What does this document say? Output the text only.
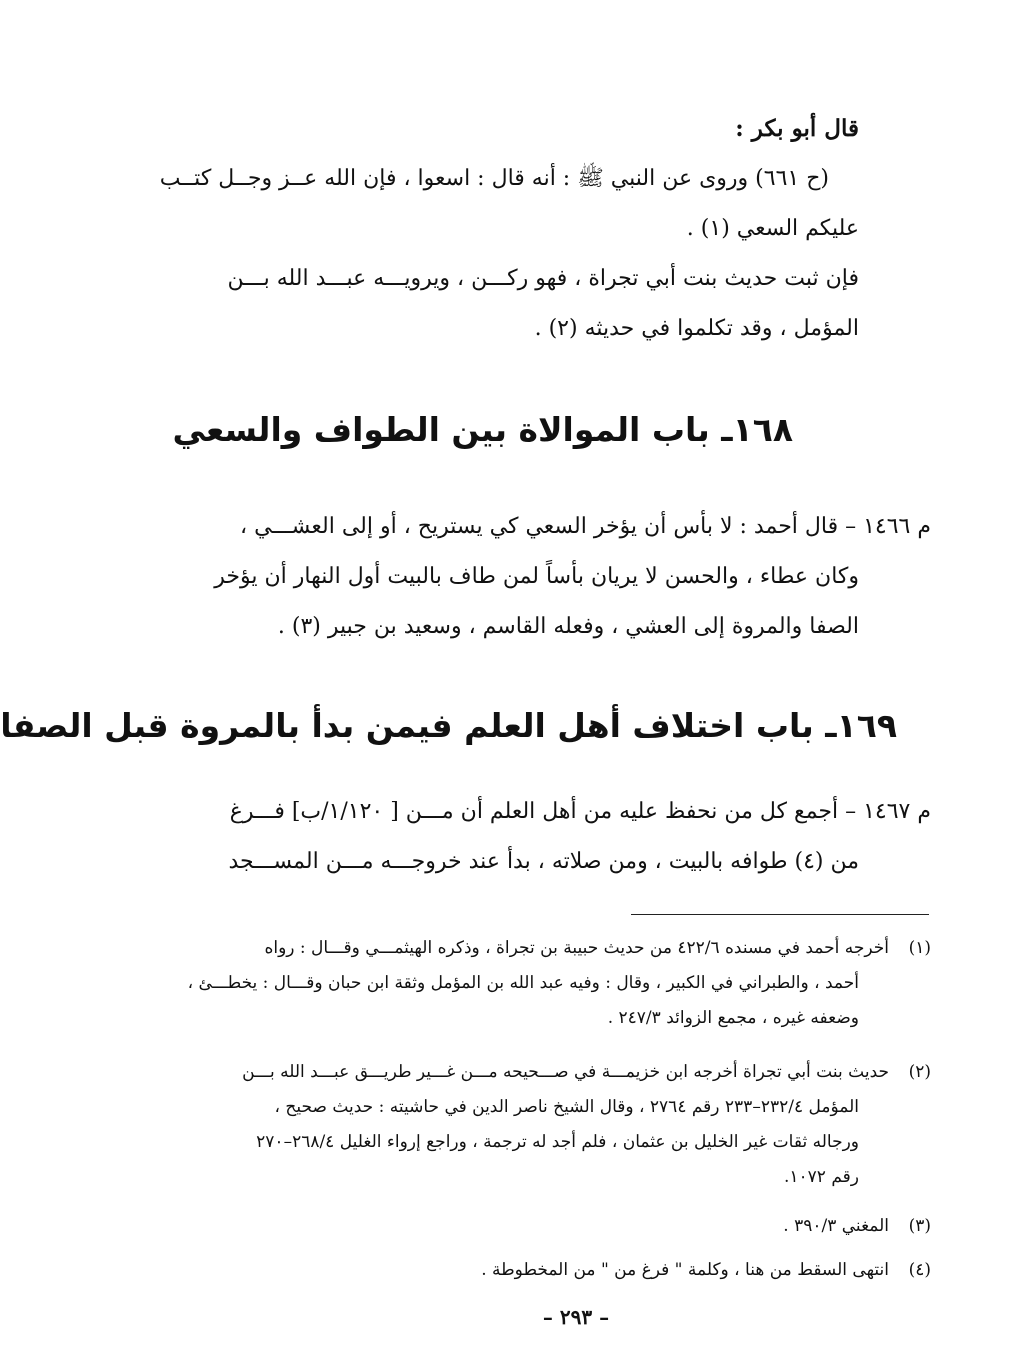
قال أبو بكر :
(ح ٦٦١) وروى عن النبي ﷺ : أنه قال : اسعوا ، فإن الله عــز وجــل كتــب
عليكم السعي (١) .
فإن ثبت حديث بنت أبي تجراة ، فهو ركـــن ، ويرويـــه عبـــد الله بـــن
المؤمل ، وقد تكلموا في حديثه (٢) .
١٦٨ـ باب الموالاة بين الطواف والسعي
م ١٤٦٦ – قال أحمد : لا بأس أن يؤخر السعي كي يستريح ، أو إلى العشـــي ،
وكان عطاء ، والحسن لا يريان بأساً لمن طاف بالبيت أول النهار أن يؤخر
الصفا والمروة إلى العشي ، وفعله القاسم ، وسعيد بن جبير (٣) .
١٦٩ـ باب اختلاف أهل العلم فيمن بدأ بالمروة قبل الصفا
م ١٤٦٧ – أجمع كل من نحفظ عليه من أهل العلم أن مـــن [ ١/١٢٠/ب] فـــرغ
من (٤) طوافه بالبيت ، ومن صلاته ، بدأ عند خروجـــه مـــن المســـجد
(١)
أخرجه أحمد في مسنده ٤٢٢/٦ من حديث حبيبة بن تجراة ، وذكره الهيثمـــي وقـــال : رواه
أحمد ، والطبراني في الكبير ، وقال : وفيه عبد الله بن المؤمل وثقة ابن حبان وقـــال : يخطـــئ ،
وضعفه غيره ، مجمع الزوائد ٢٤٧/٣ .
(٢)
حديث بنت أبي تجراة أخرجه ابن خزيمـــة في صـــحيحه مـــن غـــير طريـــق عبـــد الله بـــن
المؤمل ٢٣٢/٤–٢٣٣ رقم ٢٧٦٤ ، وقال الشيخ ناصر الدين في حاشيته : حديث صحيح ،
ورجاله ثقات غير الخليل بن عثمان ، فلم أجد له ترجمة ، وراجع إرواء الغليل ٢٦٨/٤–٢٧٠
رقم ١٠٧٢.
(٣)
المغني ٣٩٠/٣ .
(٤)
انتهى السقط من هنا ، وكلمة " فرغ من " من المخطوطة .
– ٢٩٣ –
